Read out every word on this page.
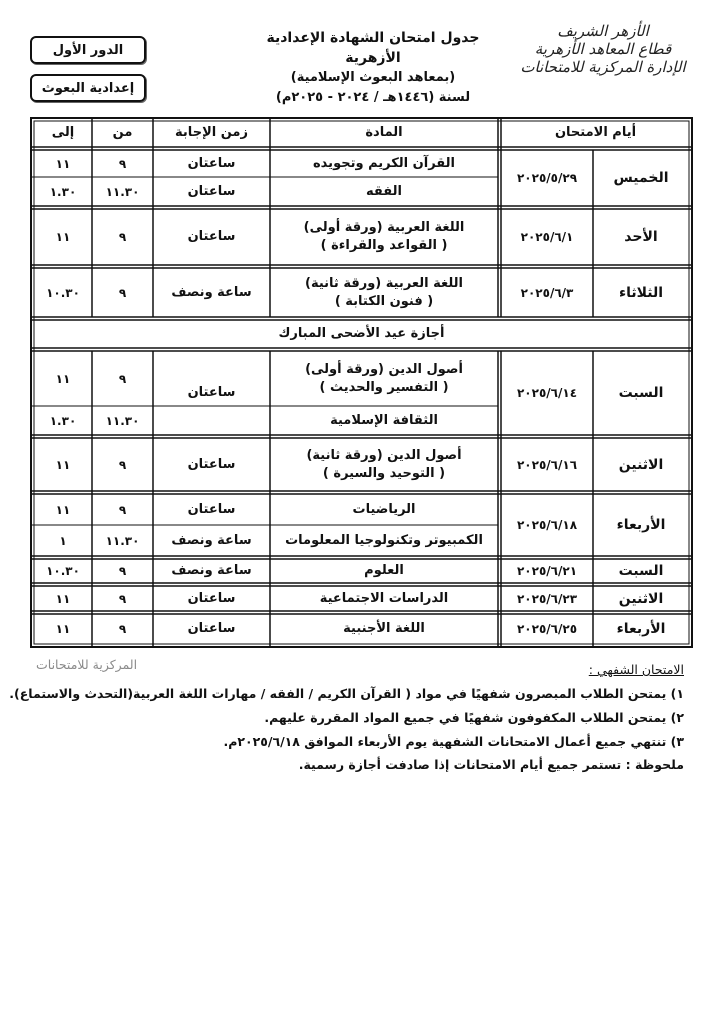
الأزهر الشريف
قطاع المعاهد الأزهرية
الإدارة المركزية للامتحانات
جدول امتحان الشهادة الإعدادية الأزهرية
(بمعاهد البعوث الإسلامية)
لسنة (١٤٤٦هـ / ٢٠٢٤ - ٢٠٢٥م)
الدور الأول
إعدادية البعوث
أيام الامتحان
المادة
زمن الإجابة
من
إلى
الخميس
٢٠٢٥/٥/٢٩
القرآن الكريم وتجويده
ساعتان
٩
١١
الفقه
ساعتان
١١.٣٠
١.٣٠
الأحد
٢٠٢٥/٦/١
اللغة العربية (ورقة أولى)
( القواعد والقراءة )
ساعتان
٩
١١
الثلاثاء
٢٠٢٥/٦/٣
اللغة العربية (ورقة ثانية)
( فنون الكتابة )
ساعة ونصف
٩
١٠.٣٠
أجازة عيد الأضحى المبارك
السبت
٢٠٢٥/٦/١٤
أصول الدين (ورقة أولى)
( التفسير والحديث )
ساعتان
٩
١١
الثقافة الإسلامية
١١.٣٠
١.٣٠
الاثنين
٢٠٢٥/٦/١٦
أصول الدين (ورقة ثانية)
( التوحيد والسيرة )
ساعتان
٩
١١
الأربعاء
٢٠٢٥/٦/١٨
الرياضيات
ساعتان
٩
١١
الكمبيوتر وتكنولوجيا المعلومات
ساعة ونصف
١١.٣٠
١
السبت
٢٠٢٥/٦/٢١
العلوم
ساعة ونصف
٩
١٠.٣٠
الاثنين
٢٠٢٥/٦/٢٣
الدراسات الاجتماعية
ساعتان
٩
١١
الأربعاء
٢٠٢٥/٦/٢٥
اللغة الأجنبية
ساعتان
٩
١١
المركزية للامتحانات	الامتحان الشفهي :
١) يمتحن الطلاب المبصرون شفهيًا في مواد ( القرآن الكريم / الفقه / مهارات اللغة العربية(التحدث والاستماع).
٢) يمتحن الطلاب المكفوفون شفهيًا في جميع المواد المقررة عليهم.
٣) تنتهي جميع أعمال الامتحانات الشفهية يوم الأربعاء الموافق ٢٠٢٥/٦/١٨م.
ملحوظة : تستمر جميع أيام الامتحانات إذا صادفت أجازة رسمية.
